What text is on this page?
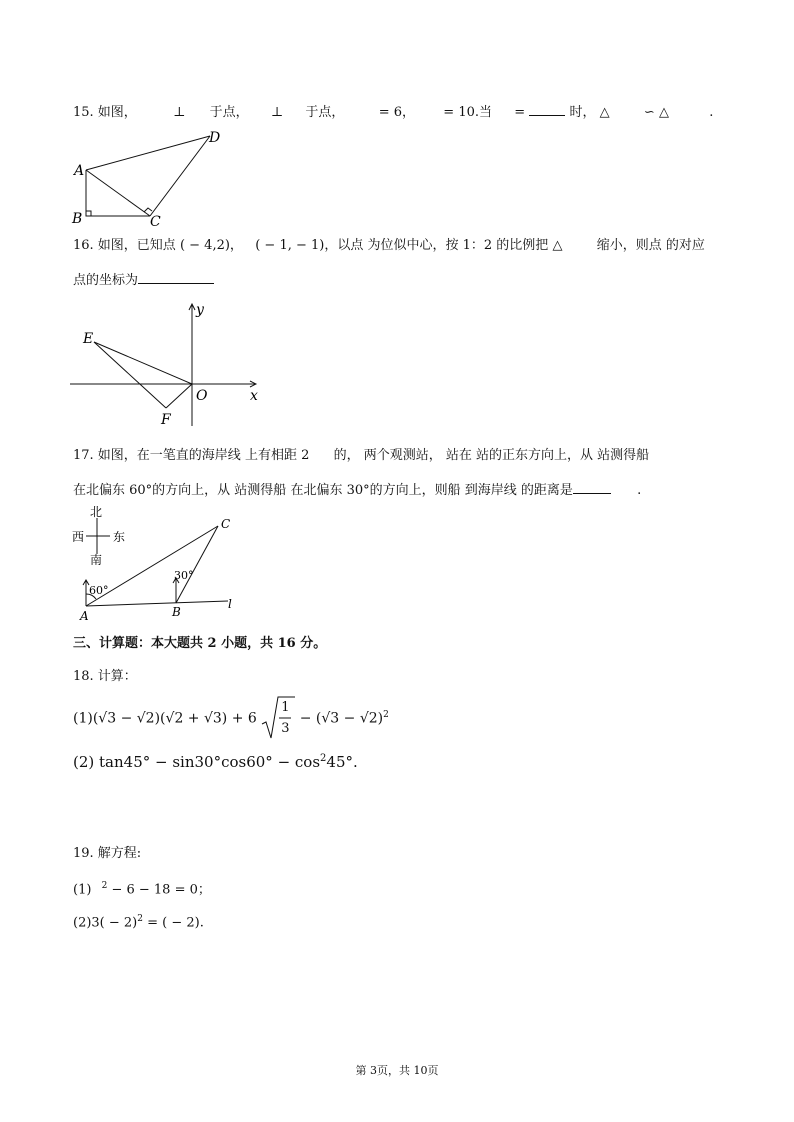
15. 如图，	⊥ 于点， ⊥ 于点，	= 6， = 10.当 =	时， △	∽ △	.
A
B	C
D
16. 如图，已知点 ( − 4,2)， ( − 1, − 1)，以点 为位似中心，按 1：2 的比例把 △	缩小，则点 的对应
点的坐标为
E
F
O	x
y
17. 如图，在一笔直的海岸线 上有相距 2 的， 两个观测站， 站在 站的正东方向上，从 站测得船
在北偏东 60°的方向上，从 站测得船 在北偏东 30°的方向上，则船 到海岸线 的距离是	.
北
南
西 东
60°
30°
A	B
C
l
三、计算题：本大题共 2 小题，共 16 分。
18. 计算：
(1)(√3 − √2)(√2 + √3) + 6
1
3
− $(√3 - √2)^2$
(2) $\tan 45^\circ - \sin 30^\circ\cos 60^\circ - \cos^245^\circ$.
19. 解方程:
(1) $^2$ − 6 − 18 = 0；
$(2)3( - 2)^2$ = ( − 2).
第 3页，共 10页
